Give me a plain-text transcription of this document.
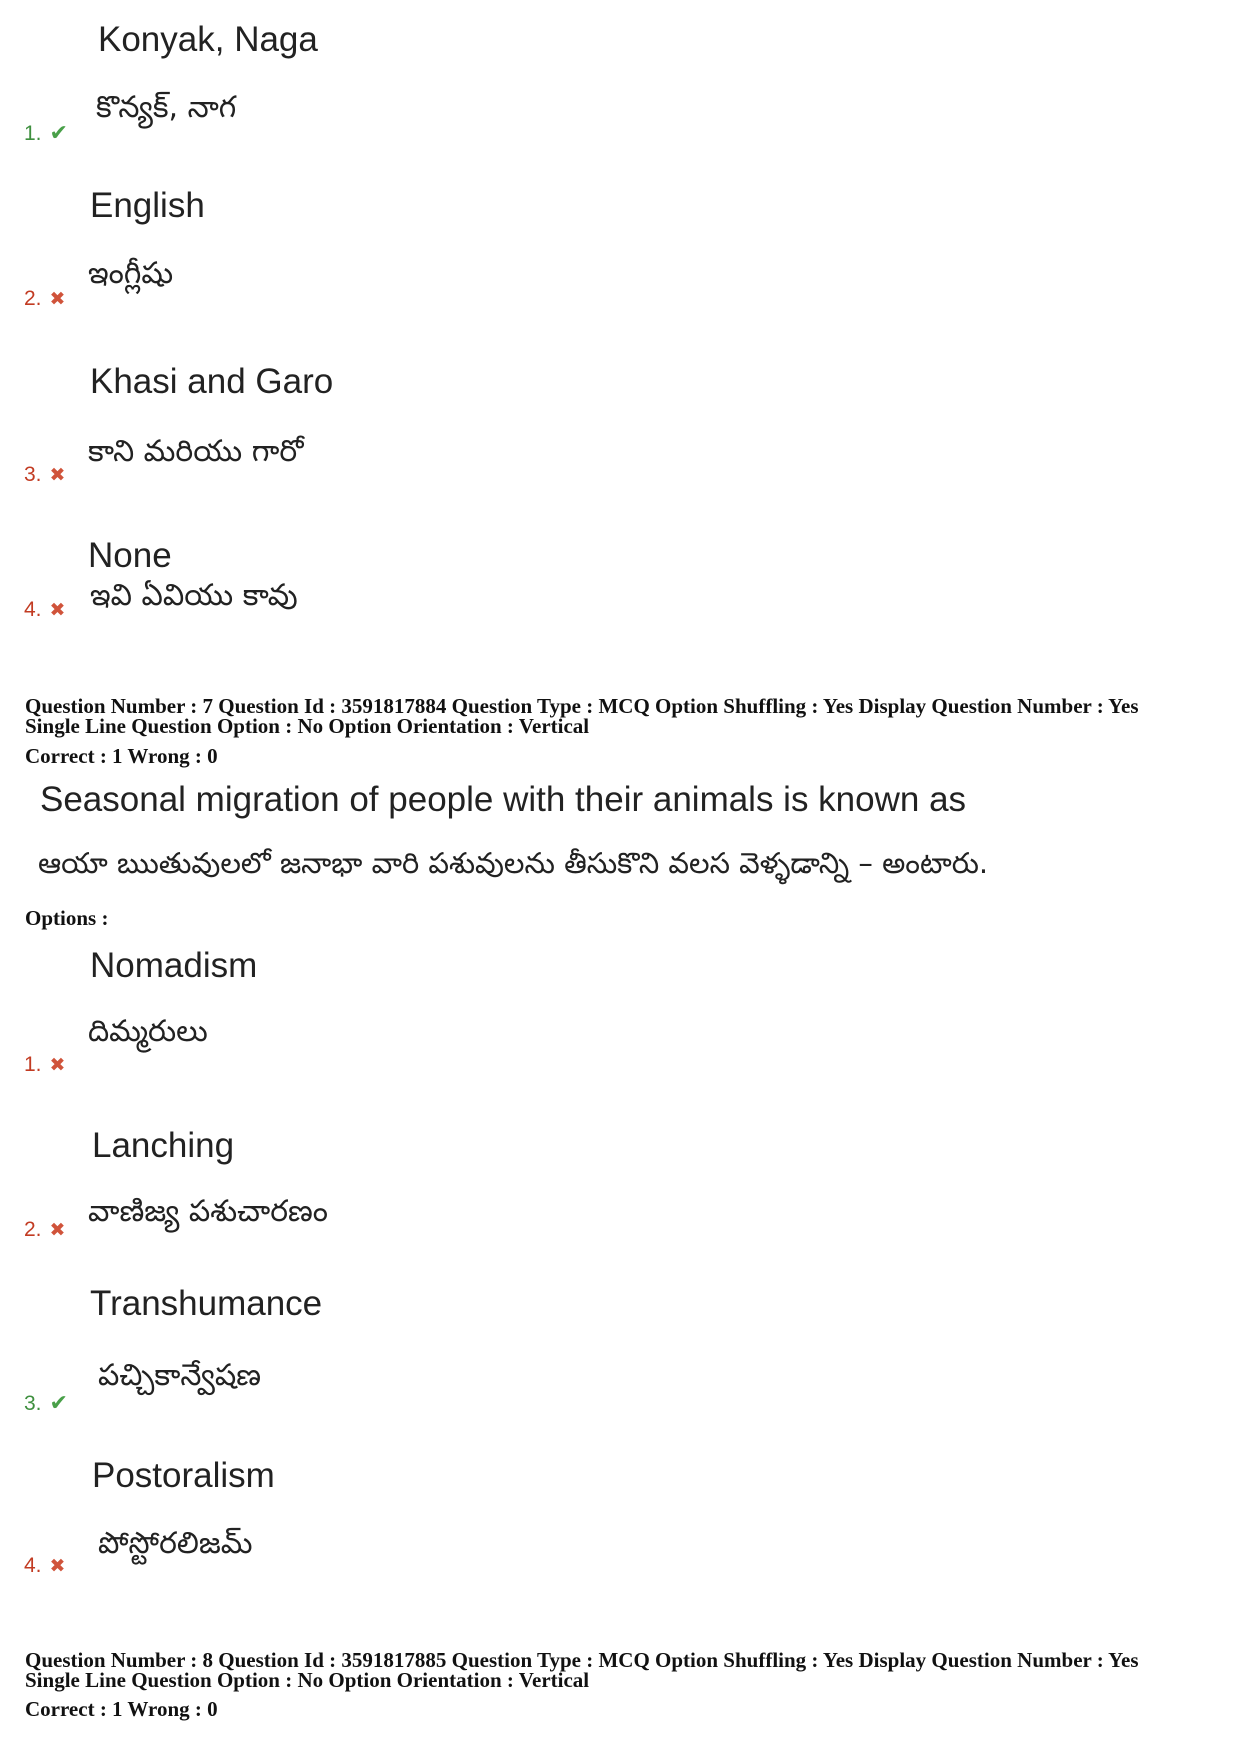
Konyak, Naga
కొన్యక్, నాగ
1. ✔
English
ఇంగ్లీషు
2. ✖
Khasi and Garo
కాని మరియు గారో
3. ✖
None
ఇవి ఏవియు కావు
4. ✖
Question Number : 7 Question Id : 3591817884 Question Type : MCQ Option Shuffling : Yes Display Question Number : Yes
Single Line Question Option : No Option Orientation : Vertical
Correct : 1 Wrong : 0
Seasonal migration of people with their animals is known as
ఆయా ఋతువులలో జనాభా వారి పశువులను తీసుకొని వలస వెళ్ళడాన్ని – అంటారు.
Options :
Nomadism
దిమ్మరులు
1. ✖
Lanching
వాణిజ్య పశుచారణం
2. ✖
Transhumance
పచ్చికాన్వేషణ
3. ✔
Postoralism
పోస్టోరలిజమ్
4. ✖
Question Number : 8 Question Id : 3591817885 Question Type : MCQ Option Shuffling : Yes Display Question Number : Yes
Single Line Question Option : No Option Orientation : Vertical
Correct : 1 Wrong : 0
